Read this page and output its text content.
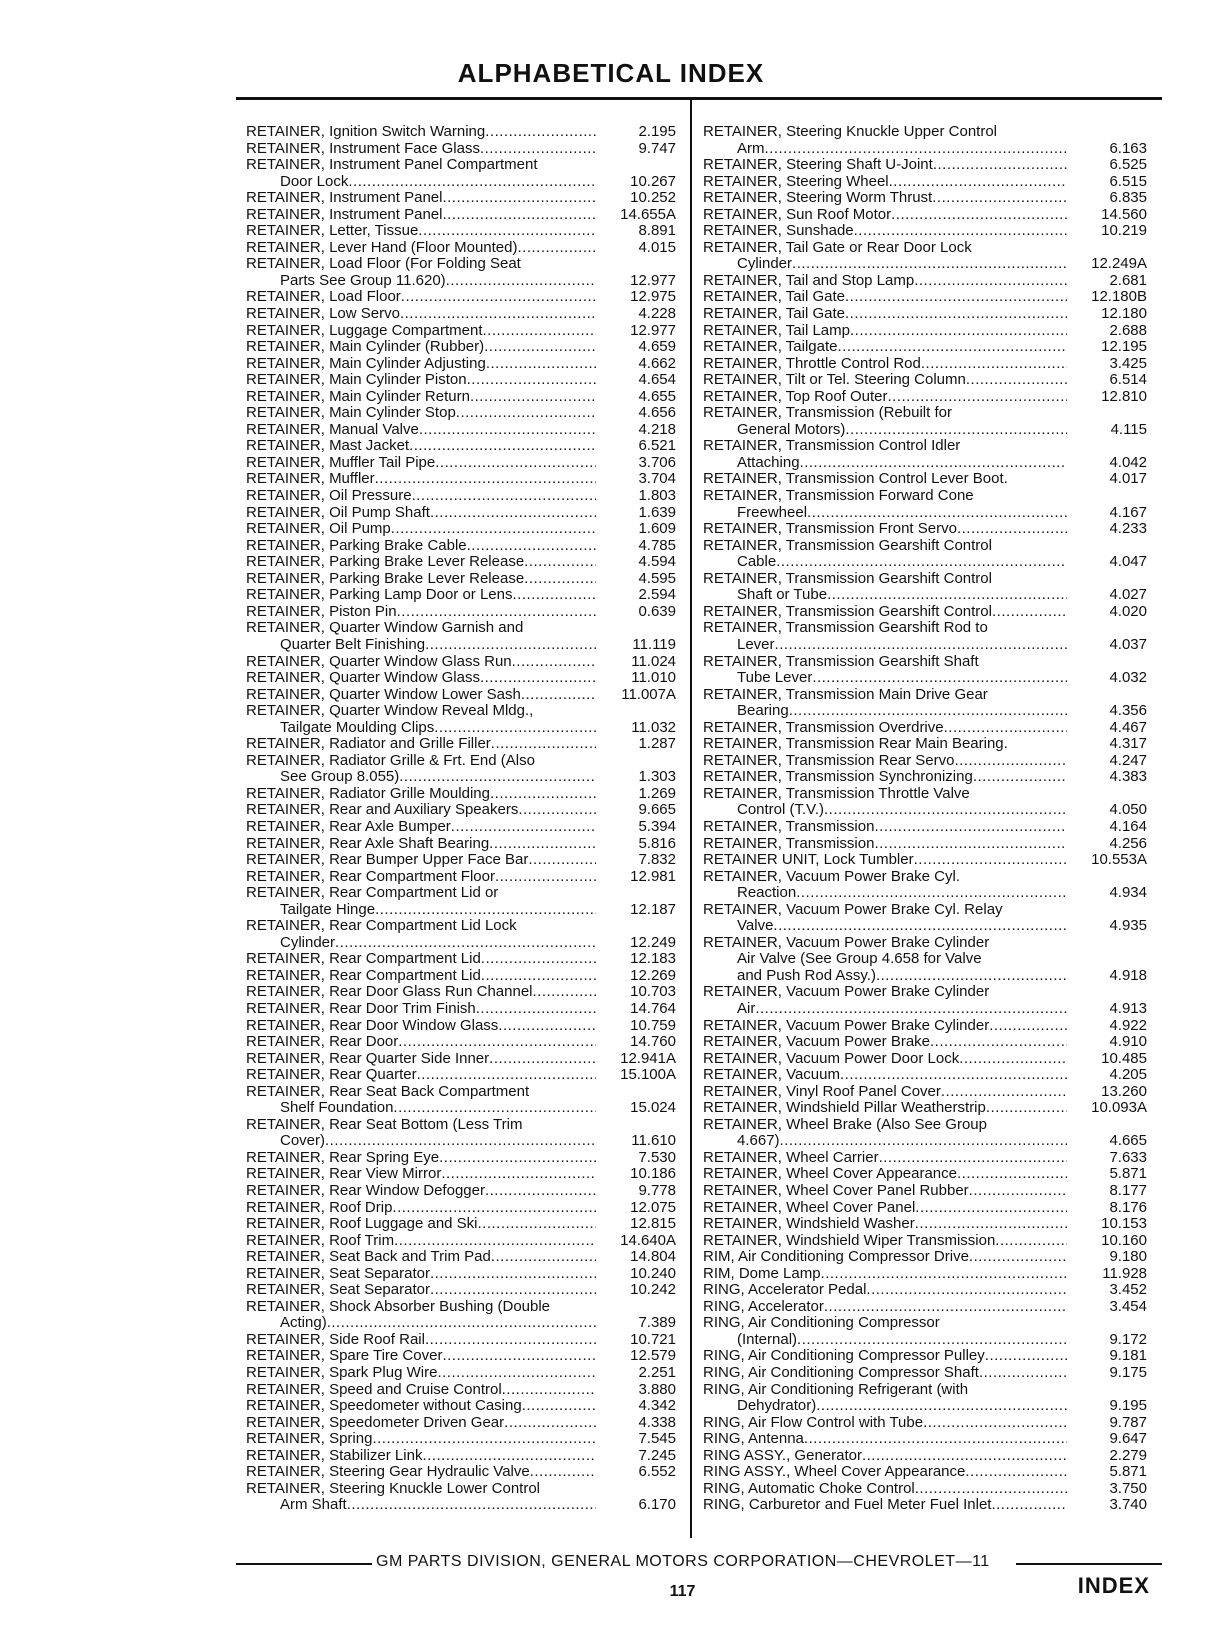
ALPHABETICAL INDEX
RETAINER, Ignition Switch Warning .....	2.195
RETAINER, Instrument Face Glass .....	9.747
RETAINER, Instrument Panel Compartment
Door Lock .....	10.267
RETAINER, Instrument Panel .....	10.252
RETAINER, Instrument Panel .....	14.655A
RETAINER, Letter, Tissue .....	8.891
RETAINER, Lever Hand (Floor Mounted) .....	4.015
RETAINER, Load Floor (For Folding Seat
Parts See Group 11.620) .....	12.977
RETAINER, Load Floor .....	12.975
RETAINER, Low Servo .....	4.228
RETAINER, Luggage Compartment .....	12.977
RETAINER, Main Cylinder (Rubber) .....	4.659
RETAINER, Main Cylinder Adjusting .....	4.662
RETAINER, Main Cylinder Piston .....	4.654
RETAINER, Main Cylinder Return .....	4.655
RETAINER, Main Cylinder Stop .....	4.656
RETAINER, Manual Valve .....	4.218
RETAINER, Mast Jacket .....	6.521
RETAINER, Muffler Tail Pipe .....	3.706
RETAINER, Muffler .....	3.704
RETAINER, Oil Pressure .....	1.803
RETAINER, Oil Pump Shaft .....	1.639
RETAINER, Oil Pump .....	1.609
RETAINER, Parking Brake Cable .....	4.785
RETAINER, Parking Brake Lever Release .....	4.594
RETAINER, Parking Brake Lever Release .....	4.595
RETAINER, Parking Lamp Door or Lens .....	2.594
RETAINER, Piston Pin .....	0.639
RETAINER, Quarter Window Garnish and
Quarter Belt Finishing .....	11.119
RETAINER, Quarter Window Glass Run .....	11.024
RETAINER, Quarter Window Glass .....	11.010
RETAINER, Quarter Window Lower Sash .....	11.007A
RETAINER, Quarter Window Reveal Mldg.,
Tailgate Moulding Clips .....	11.032
RETAINER, Radiator and Grille Filler .....	1.287
RETAINER, Radiator Grille & Frt. End (Also
See Group 8.055) .....	1.303
RETAINER, Radiator Grille Moulding .....	1.269
RETAINER, Rear and Auxiliary Speakers .....	9.665
RETAINER, Rear Axle Bumper .....	5.394
RETAINER, Rear Axle Shaft Bearing .....	5.816
RETAINER, Rear Bumper Upper Face Bar .....	7.832
RETAINER, Rear Compartment Floor .....	12.981
RETAINER, Rear Compartment Lid or
Tailgate Hinge .....	12.187
RETAINER, Rear Compartment Lid Lock
Cylinder .....	12.249
RETAINER, Rear Compartment Lid .....	12.183
RETAINER, Rear Compartment Lid .....	12.269
RETAINER, Rear Door Glass Run Channel .....	10.703
RETAINER, Rear Door Trim Finish .....	14.764
RETAINER, Rear Door Window Glass .....	10.759
RETAINER, Rear Door .....	14.760
RETAINER, Rear Quarter Side Inner .....	12.941A
RETAINER, Rear Quarter .....	15.100A
RETAINER, Rear Seat Back Compartment
Shelf Foundation .....	15.024
RETAINER, Rear Seat Bottom (Less Trim
Cover) .....	11.610
RETAINER, Rear Spring Eye .....	7.530
RETAINER, Rear View Mirror .....	10.186
RETAINER, Rear Window Defogger .....	9.778
RETAINER, Roof Drip .....	12.075
RETAINER, Roof Luggage and Ski .....	12.815
RETAINER, Roof Trim .....	14.640A
RETAINER, Seat Back and Trim Pad .....	14.804
RETAINER, Seat Separator .....	10.240
RETAINER, Seat Separator .....	10.242
RETAINER, Shock Absorber Bushing (Double
Acting) .....	7.389
RETAINER, Side Roof Rail .....	10.721
RETAINER, Spare Tire Cover .....	12.579
RETAINER, Spark Plug Wire .....	2.251
RETAINER, Speed and Cruise Control .....	3.880
RETAINER, Speedometer without Casing .....	4.342
RETAINER, Speedometer Driven Gear .....	4.338
RETAINER, Spring .....	7.545
RETAINER, Stabilizer Link .....	7.245
RETAINER, Steering Gear Hydraulic Valve .....	6.552
RETAINER, Steering Knuckle Lower Control
Arm Shaft .....	6.170
RETAINER, Steering Knuckle Upper Control
Arm .....	6.163
RETAINER, Steering Shaft U-Joint .....	6.525
RETAINER, Steering Wheel .....	6.515
RETAINER, Steering Worm Thrust .....	6.835
RETAINER, Sun Roof Motor .....	14.560
RETAINER, Sunshade .....	10.219
RETAINER, Tail Gate or Rear Door Lock
Cylinder .....	12.249A
RETAINER, Tail and Stop Lamp .....	2.681
RETAINER, Tail Gate .....	12.180B
RETAINER, Tail Gate .....	12.180
RETAINER, Tail Lamp .....	2.688
RETAINER, Tailgate .....	12.195
RETAINER, Throttle Control Rod .....	3.425
RETAINER, Tilt or Tel. Steering Column .....	6.514
RETAINER, Top Roof Outer .....	12.810
RETAINER, Transmission (Rebuilt for
General Motors) .....	4.115
RETAINER, Transmission Control Idler
Attaching .....	4.042
RETAINER, Transmission Control Lever Boot.	4.017
RETAINER, Transmission Forward Cone
Freewheel .....	4.167
RETAINER, Transmission Front Servo .....	4.233
RETAINER, Transmission Gearshift Control
Cable .....	4.047
RETAINER, Transmission Gearshift Control
Shaft or Tube .....	4.027
RETAINER, Transmission Gearshift Control .....	4.020
RETAINER, Transmission Gearshift Rod to
Lever .....	4.037
RETAINER, Transmission Gearshift Shaft
Tube Lever .....	4.032
RETAINER, Transmission Main Drive Gear
Bearing .....	4.356
RETAINER, Transmission Overdrive .....	4.467
RETAINER, Transmission Rear Main Bearing.	4.317
RETAINER, Transmission Rear Servo .....	4.247
RETAINER, Transmission Synchronizing .....	4.383
RETAINER, Transmission Throttle Valve
Control (T.V.) .....	4.050
RETAINER, Transmission .....	4.164
RETAINER, Transmission .....	4.256
RETAINER UNIT, Lock Tumbler .....	10.553A
RETAINER, Vacuum Power Brake Cyl.
Reaction .....	4.934
RETAINER, Vacuum Power Brake Cyl. Relay
Valve .....	4.935
RETAINER, Vacuum Power Brake Cylinder
Air Valve (See Group 4.658 for Valve
and Push Rod Assy.) .....	4.918
RETAINER, Vacuum Power Brake Cylinder
Air .....	4.913
RETAINER, Vacuum Power Brake Cylinder .....	4.922
RETAINER, Vacuum Power Brake .....	4.910
RETAINER, Vacuum Power Door Lock .....	10.485
RETAINER, Vacuum .....	4.205
RETAINER, Vinyl Roof Panel Cover .....	13.260
RETAINER, Windshield Pillar Weatherstrip .....	10.093A
RETAINER, Wheel Brake (Also See Group
4.667) .....	4.665
RETAINER, Wheel Carrier .....	7.633
RETAINER, Wheel Cover Appearance .....	5.871
RETAINER, Wheel Cover Panel Rubber .....	8.177
RETAINER, Wheel Cover Panel .....	8.176
RETAINER, Windshield Washer .....	10.153
RETAINER, Windshield Wiper Transmission .....	10.160
RIM, Air Conditioning Compressor Drive .....	9.180
RIM, Dome Lamp .....	11.928
RING, Accelerator Pedal .....	3.452
RING, Accelerator .....	3.454
RING, Air Conditioning Compressor
(Internal) .....	9.172
RING, Air Conditioning Compressor Pulley .....	9.181
RING, Air Conditioning Compressor Shaft .....	9.175
RING, Air Conditioning Refrigerant (with
Dehydrator) .....	9.195
RING, Air Flow Control with Tube .....	9.787
RING, Antenna .....	9.647
RING ASSY., Generator .....	2.279
RING ASSY., Wheel Cover Appearance .....	5.871
RING, Automatic Choke Control .....	3.750
RING, Carburetor and Fuel Meter Fuel Inlet .....	3.740
GM PARTS DIVISION, GENERAL MOTORS CORPORATION—CHEVROLET—11
117	INDEX
